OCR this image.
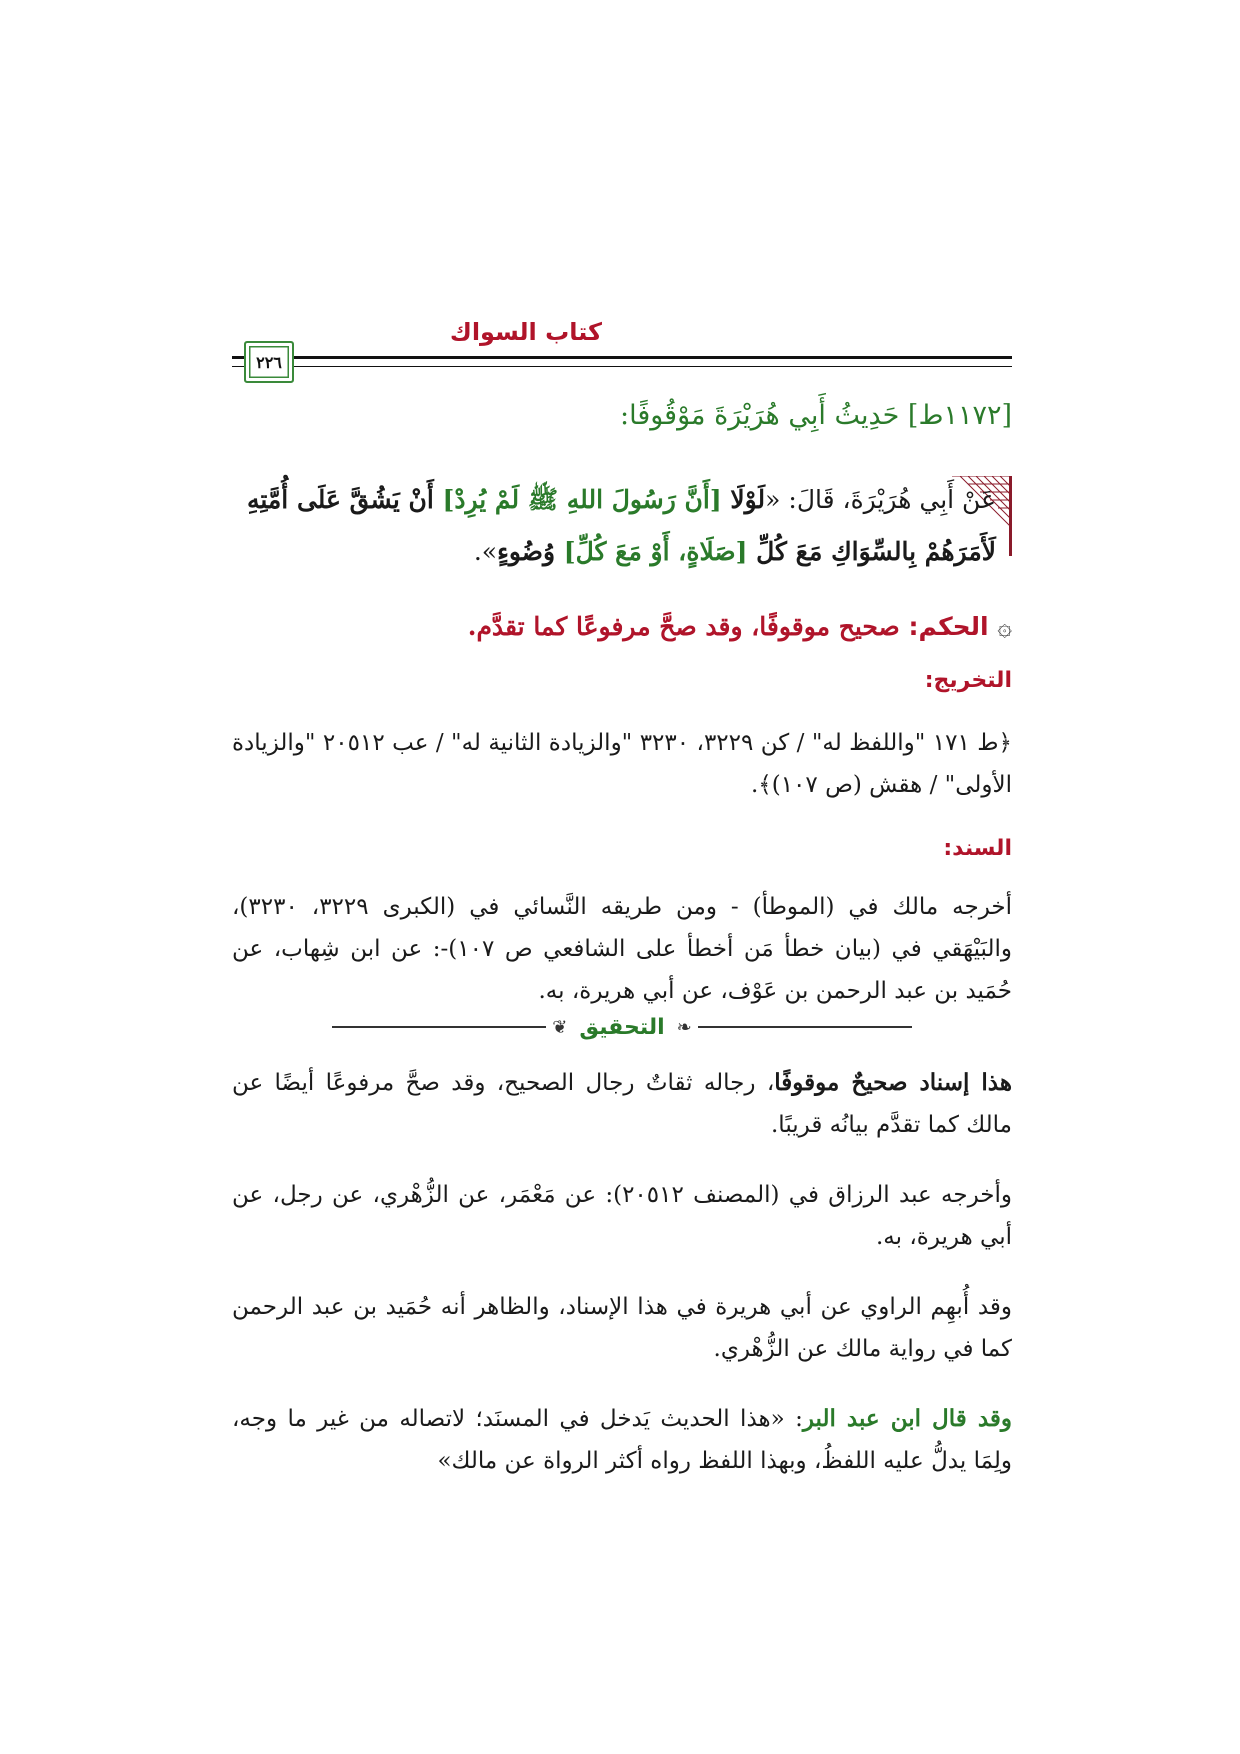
كتاب السواك
٢٢٦
[١١٧٢ط] حَدِيثُ أَبِي هُرَيْرَةَ مَوْقُوفًا:
عَنْ أَبِي هُرَيْرَةَ، قَالَ: «لَوْلَا [أَنَّ رَسُولَ اللهِ ﷺ لَمْ يُرِدْ] أَنْ يَشُقَّ عَلَى أُمَّتِهِ لَأَمَرَهُمْ بِالسِّوَاكِ مَعَ كُلِّ [صَلَاةٍ، أَوْ مَعَ كُلِّ] وُضُوءٍ».
۞ الحكم: صحيح موقوفًا، وقد صحَّ مرفوعًا كما تقدَّم.
التخريج:
﴿ط ١٧١ "واللفظ له" / كن ٣٢٢٩، ٣٢٣٠ "والزيادة الثانية له" / عب ٢٠٥١٢ "والزيادة الأولى" / هقش (ص ١٠٧)﴾.
السند:
أخرجه مالك في (الموطأ) - ومن طريقه النَّسائي في (الكبرى ٣٢٢٩، ٣٢٣٠)، والبَيْهَقي في (بيان خطأ مَن أخطأ على الشافعي ص ١٠٧)-: عن ابن شِهاب، عن حُمَيد بن عبد الرحمن بن عَوْف، عن أبي هريرة، به.
❦ التحقيق ❧
هذا إسناد صحيحٌ موقوفًا، رجاله ثقاتٌ رجال الصحيح، وقد صحَّ مرفوعًا أيضًا عن مالك كما تقدَّم بيانُه قريبًا.
وأخرجه عبد الرزاق في (المصنف ٢٠٥١٢): عن مَعْمَر، عن الزُّهْري، عن رجل، عن أبي هريرة، به.
وقد أُبهِم الراوي عن أبي هريرة في هذا الإسناد، والظاهر أنه حُمَيد بن عبد الرحمن كما في رواية مالك عن الزُّهْري.
وقد قال ابن عبد البر: «هذا الحديث يَدخل في المسنَد؛ لاتصاله من غير ما وجه، ولِمَا يدلُّ عليه اللفظُ، وبهذا اللفظ رواه أكثر الرواة عن مالك»
